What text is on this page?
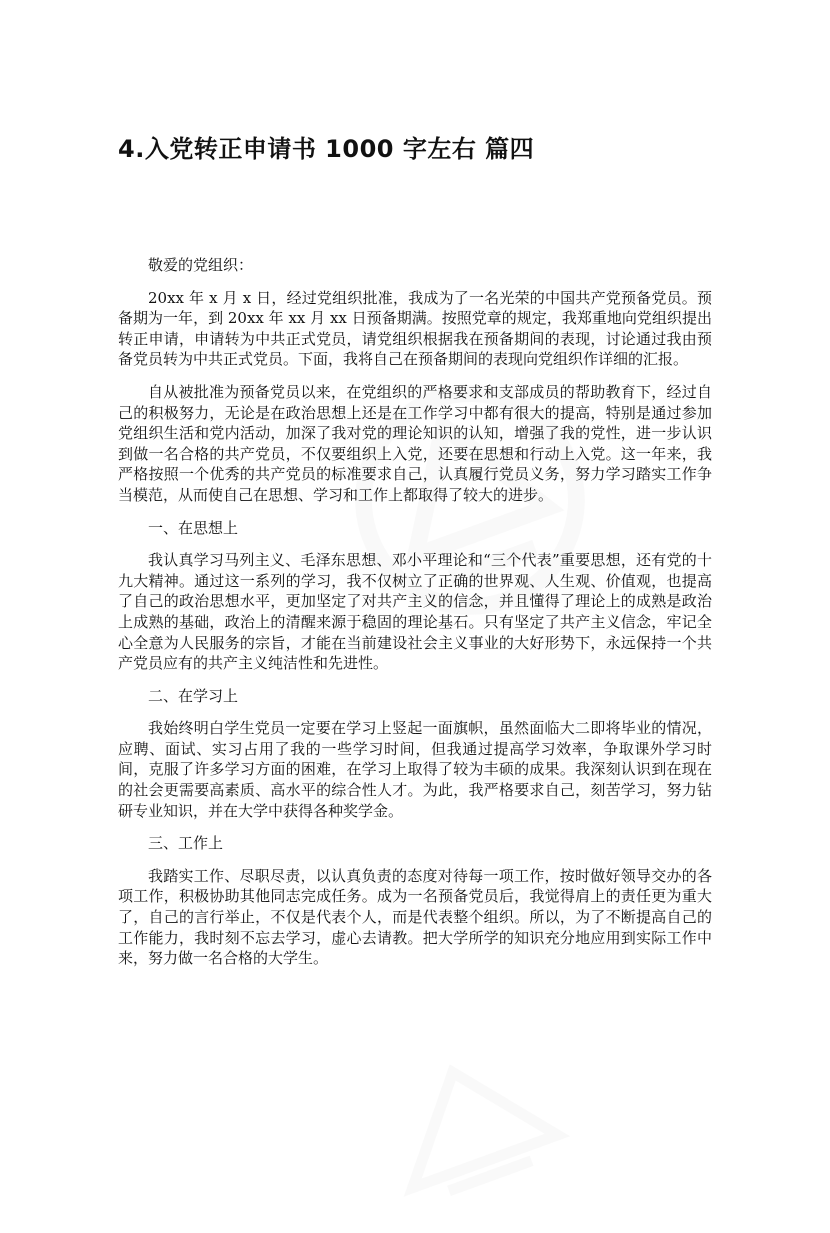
4.入党转正申请书 1000 字左右 篇四

敬爱的党组织：

20xx 年 x 月 x 日，经过党组织批准，我成为了一名光荣的中国共产党预备党员。预备期为一年，到 20xx 年 xx 月 xx 日预备期满。按照党章的规定，我郑重地向党组织提出转正申请，申请转为中共正式党员，请党组织根据我在预备期间的表现，讨论通过我由预备党员转为中共正式党员。下面，我将自己在预备期间的表现向党组织作详细的汇报。

自从被批准为预备党员以来，在党组织的严格要求和支部成员的帮助教育下，经过自己的积极努力，无论是在政治思想上还是在工作学习中都有很大的提高，特别是通过参加党组织生活和党内活动，加深了我对党的理论知识的认知，增强了我的党性，进一步认识到做一名合格的共产党员，不仅要组织上入党，还要在思想和行动上入党。这一年来，我严格按照一个优秀的共产党员的标准要求自己，认真履行党员义务，努力学习踏实工作争当模范，从而使自己在思想、学习和工作上都取得了较大的进步。

一、在思想上

我认真学习马列主义、毛泽东思想、邓小平理论和“三个代表”重要思想，还有党的十九大精神。通过这一系列的学习，我不仅树立了正确的世界观、人生观、价值观，也提高了自己的政治思想水平，更加坚定了对共产主义的信念，并且懂得了理论上的成熟是政治上成熟的基础，政治上的清醒来源于稳固的理论基石。只有坚定了共产主义信念，牢记全心全意为人民服务的宗旨，才能在当前建设社会主义事业的大好形势下，永远保持一个共产党员应有的共产主义纯洁性和先进性。

二、在学习上

我始终明白学生党员一定要在学习上竖起一面旗帜，虽然面临大二即将毕业的情况，应聘、面试、实习占用了我的一些学习时间，但我通过提高学习效率，争取课外学习时间，克服了许多学习方面的困难，在学习上取得了较为丰硕的成果。我深刻认识到在现在的社会更需要高素质、高水平的综合性人才。为此，我严格要求自己，刻苦学习，努力钻研专业知识，并在大学中获得各种奖学金。

三、工作上

我踏实工作、尽职尽责，以认真负责的态度对待每一项工作，按时做好领导交办的各项工作，积极协助其他同志完成任务。成为一名预备党员后，我觉得肩上的责任更为重大了，自己的言行举止，不仅是代表个人，而是代表整个组织。所以，为了不断提高自己的工作能力，我时刻不忘去学习，虚心去请教。把大学所学的知识充分地应用到实际工作中来，努力做一名合格的大学生。
